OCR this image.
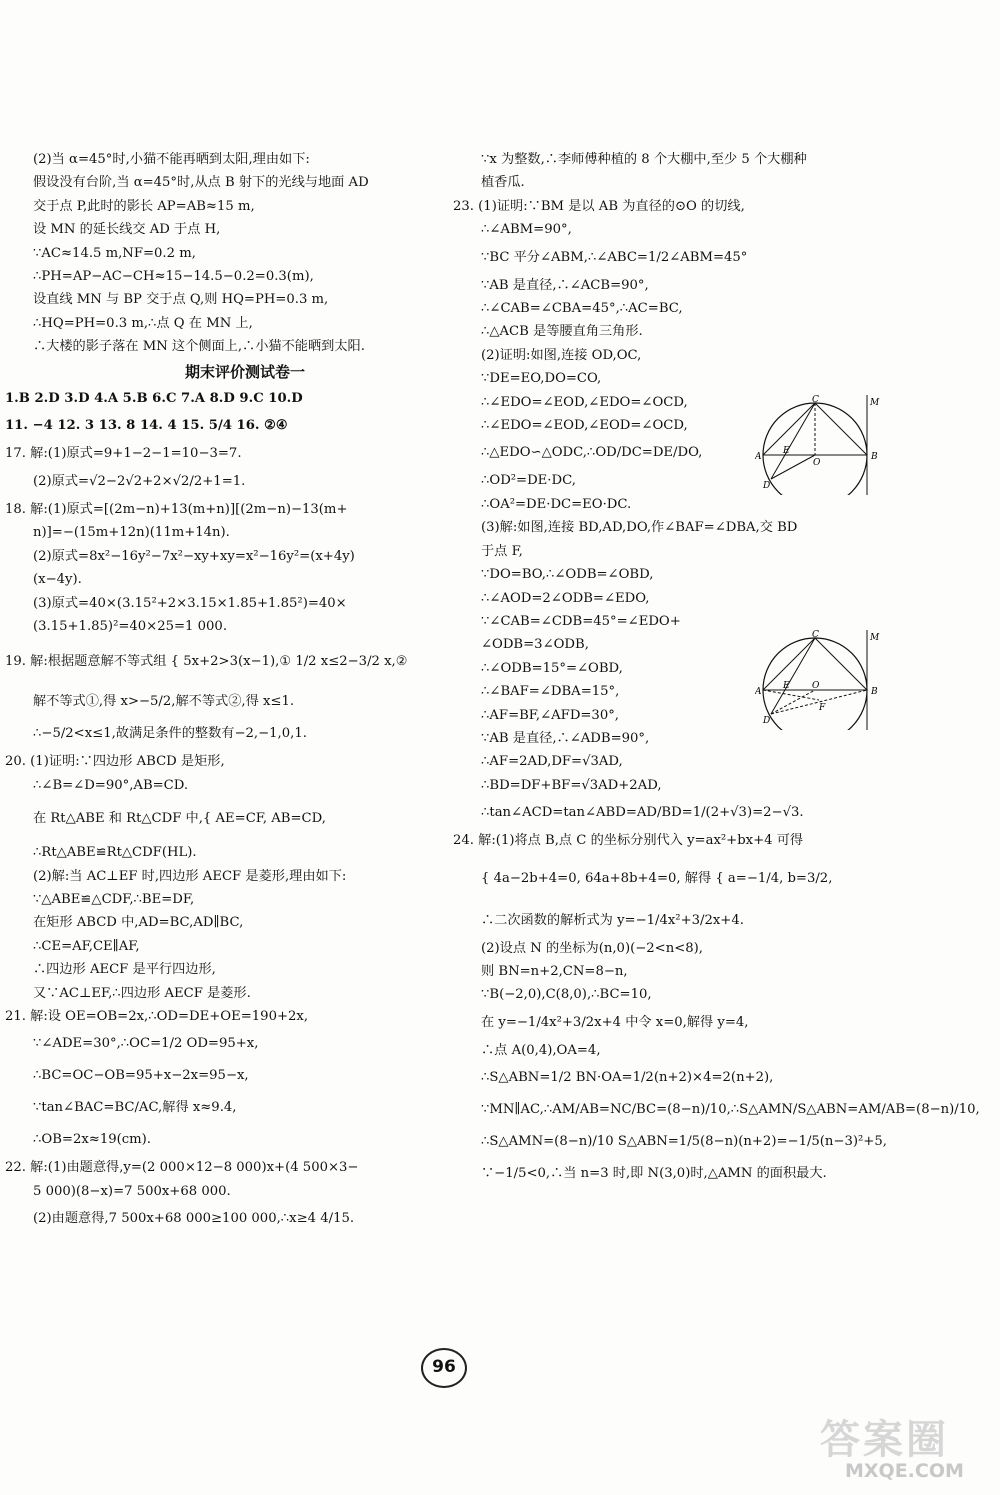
(2)当 α=45°时,小猫不能再晒到太阳,理由如下:
假设没有台阶,当 α=45°时,从点 B 射下的光线与地面 AD
交于点 P,此时的影长 AP=AB≈15 m,
设 MN 的延长线交 AD 于点 H,
∵AC≈14.5 m,NF=0.2 m,
∴PH=AP−AC−CH≈15−14.5−0.2=0.3(m),
设直线 MN 与 BP 交于点 Q,则 HQ=PH=0.3 m,
∴HQ=PH=0.3 m,∴点 Q 在 MN 上,
∴大楼的影子落在 MN 这个侧面上,∴小猫不能晒到太阳.
期末评价测试卷一
1.B 2.D 3.D 4.A 5.B 6.C 7.A 8.D 9.C 10.D
11. −4 12. 3 13. 8 14. 4 15. 5/4 16. ②④
17. 解:(1)原式=9+1−2−1=10−3=7.
(2)原式=√2−2√2+2×√2/2+1=1.
18. 解:(1)原式=[(2m−n)+13(m+n)][(2m−n)−13(m+
n)]=−(15m+12n)(11m+14n).
(2)原式=8x²−16y²−7x²−xy+xy=x²−16y²=(x+4y)
(x−4y).
(3)原式=40×(3.15²+2×3.15×1.85+1.85²)=40×
(3.15+1.85)²=40×25=1 000.
19. 解:根据题意解不等式组 { 5x+2>3(x−1),① 1/2 x≤2−3/2 x,②
解不等式①,得 x>−5/2,解不等式②,得 x≤1.
∴−5/2<x≤1,故满足条件的整数有−2,−1,0,1.
20. (1)证明:∵四边形 ABCD 是矩形,
∴∠B=∠D=90°,AB=CD.
在 Rt△ABE 和 Rt△CDF 中,{ AE=CF, AB=CD,
∴Rt△ABE≌Rt△CDF(HL).
(2)解:当 AC⊥EF 时,四边形 AECF 是菱形,理由如下:
∵△ABE≌△CDF,∴BE=DF,
在矩形 ABCD 中,AD=BC,AD∥BC,
∴CE=AF,CE∥AF,
∴四边形 AECF 是平行四边形,
又∵AC⊥EF,∴四边形 AECF 是菱形.
21. 解:设 OE=OB=2x,∴OD=DE+OE=190+2x,
∵∠ADE=30°,∴OC=1/2 OD=95+x,
∴BC=OC−OB=95+x−2x=95−x,
∵tan∠BAC=BC/AC,解得 x≈9.4,
∴OB=2x≈19(cm).
22. 解:(1)由题意得,y=(2 000×12−8 000)x+(4 500×3−
5 000)(8−x)=7 500x+68 000.
(2)由题意得,7 500x+68 000≥100 000,∴x≥4 4/15.
∵x 为整数,∴李师傅种植的 8 个大棚中,至少 5 个大棚种
植香瓜.
23. (1)证明:∵BM 是以 AB 为直径的⊙O 的切线,
∴∠ABM=90°,
∵BC 平分∠ABM,∴∠ABC=1/2∠ABM=45°
∵AB 是直径,∴∠ACB=90°,
∴∠CAB=∠CBA=45°,∴AC=BC,
∴△ACB 是等腰直角三角形.
(2)证明:如图,连接 OD,OC,
∵DE=EO,DO=CO,
∴∠EDO=∠EOD,∠EDO=∠OCD,
∴∠EDO=∠EOD,∠EOD=∠OCD,
∴△EDO∽△ODC,∴OD/DC=DE/DO,
∴OD²=DE·DC,
∴OA²=DE·DC=EO·DC.
(3)解:如图,连接 BD,AD,DO,作∠BAF=∠DBA,交 BD
于点 F,
∵DO=BO,∴∠ODB=∠OBD,
∴∠AOD=2∠ODB=∠EDO,
∵∠CAB=∠CDB=45°=∠EDO+
∠ODB=3∠ODB,
∴∠ODB=15°=∠OBD,
∴∠BAF=∠DBA=15°,
∴AF=BF,∠AFD=30°,
∵AB 是直径,∴∠ADB=90°,
∴AF=2AD,DF=√3AD,
∴BD=DF+BF=√3AD+2AD,
∴tan∠ACD=tan∠ABD=AD/BD=1/(2+√3)=2−√3.
24. 解:(1)将点 B,点 C 的坐标分别代入 y=ax²+bx+4 可得
{ 4a−2b+4=0, 64a+8b+4=0, 解得 { a=−1/4, b=3/2,
∴二次函数的解析式为 y=−1/4x²+3/2x+4.
(2)设点 N 的坐标为(n,0)(−2<n<8),
则 BN=n+2,CN=8−n,
∵B(−2,0),C(8,0),∴BC=10,
在 y=−1/4x²+3/2x+4 中令 x=0,解得 y=4,
∴点 A(0,4),OA=4,
∴S△ABN=1/2 BN·OA=1/2(n+2)×4=2(n+2),
∵MN∥AC,∴AM/AB=NC/BC=(8−n)/10,∴S△AMN/S△ABN=AM/AB=(8−n)/10,
∴S△AMN=(8−n)/10 S△ABN=1/5(8−n)(n+2)=−1/5(n−3)²+5,
∵−1/5<0,∴当 n=3 时,即 N(3,0)时,△AMN 的面积最大.
C	M
E
A
O
B
D
C	M
E
A
O
B
F
D
96
答案圈
MXQE.COM
